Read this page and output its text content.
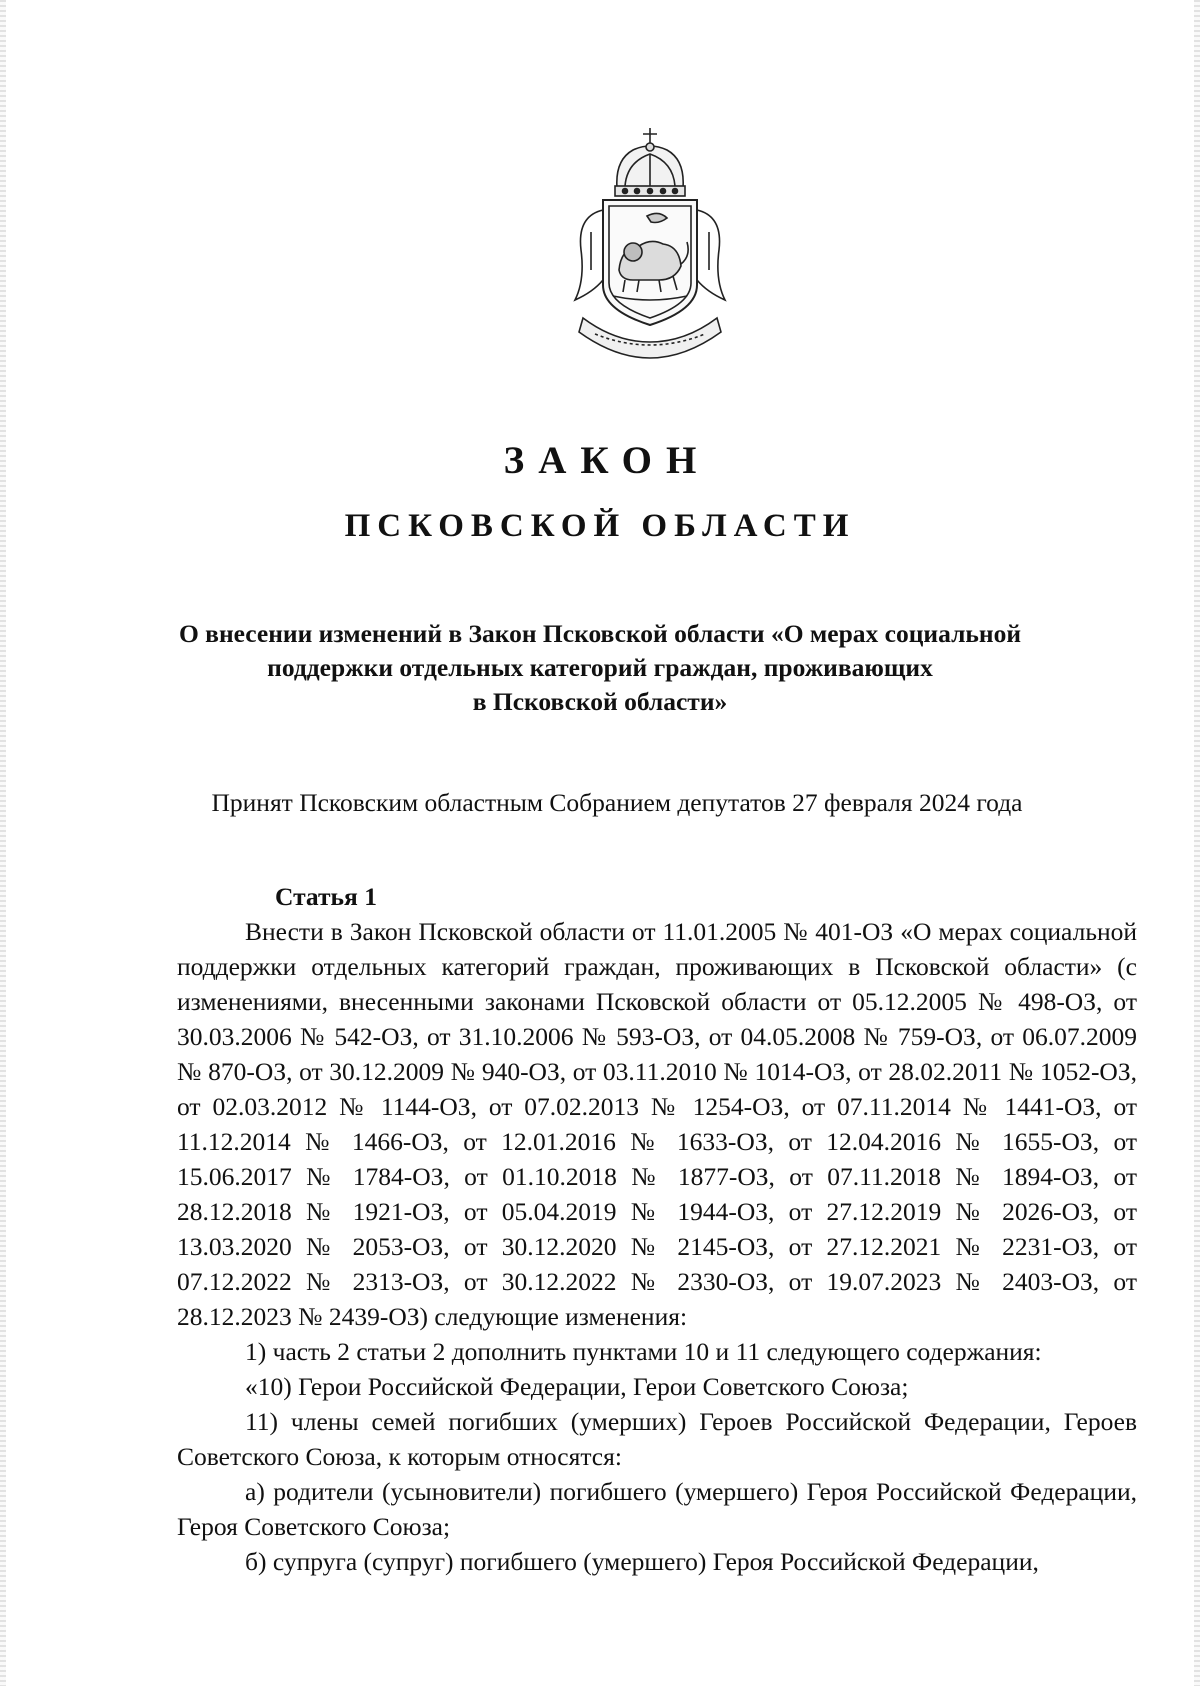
ЗАКОН
ПСКОВСКОЙ ОБЛАСТИ
О внесении изменений в Закон Псковской области «О мерах социальной
поддержки отдельных категорий граждан, проживающих
в Псковской области»
Принят Псковским областным Собранием депутатов 27 февраля 2024 года
Статья 1

Внести в Закон Псковской области от 11.01.2005 № 401-ОЗ «О мерах социальной поддержки отдельных категорий граждан, проживающих в Псковской области» (с изменениями, внесенными законами Псковской области от 05.12.2005 № 498-ОЗ, от 30.03.2006 № 542-ОЗ, от 31.10.2006 № 593-ОЗ, от 04.05.2008 № 759-ОЗ, от 06.07.2009 № 870-ОЗ, от 30.12.2009 № 940-ОЗ, от 03.11.2010 № 1014-ОЗ, от 28.02.2011 № 1052-ОЗ, от 02.03.2012 № 1144-ОЗ, от 07.02.2013 № 1254-ОЗ, от 07.11.2014 № 1441-ОЗ, от 11.12.2014 № 1466-ОЗ, от 12.01.2016 № 1633-ОЗ, от 12.04.2016 № 1655-ОЗ, от 15.06.2017 № 1784-ОЗ, от 01.10.2018 № 1877-ОЗ, от 07.11.2018 № 1894-ОЗ, от 28.12.2018 № 1921-ОЗ, от 05.04.2019 № 1944-ОЗ, от 27.12.2019 № 2026-ОЗ, от 13.03.2020 № 2053-ОЗ, от 30.12.2020 № 2145-ОЗ, от 27.12.2021 № 2231-ОЗ, от 07.12.2022 № 2313-ОЗ, от 30.12.2022 № 2330-ОЗ, от 19.07.2023 № 2403-ОЗ, от 28.12.2023 № 2439-ОЗ) следующие изменения:

1) часть 2 статьи 2 дополнить пунктами 10 и 11 следующего содержания:

«10) Герои Российской Федерации, Герои Советского Союза;

11) члены семей погибших (умерших) Героев Российской Федерации, Героев Советского Союза, к которым относятся:

а) родители (усыновители) погибшего (умершего) Героя Российской Федерации, Героя Советского Союза;

б) супруга (супруг) погибшего (умершего) Героя Российской Федерации,
